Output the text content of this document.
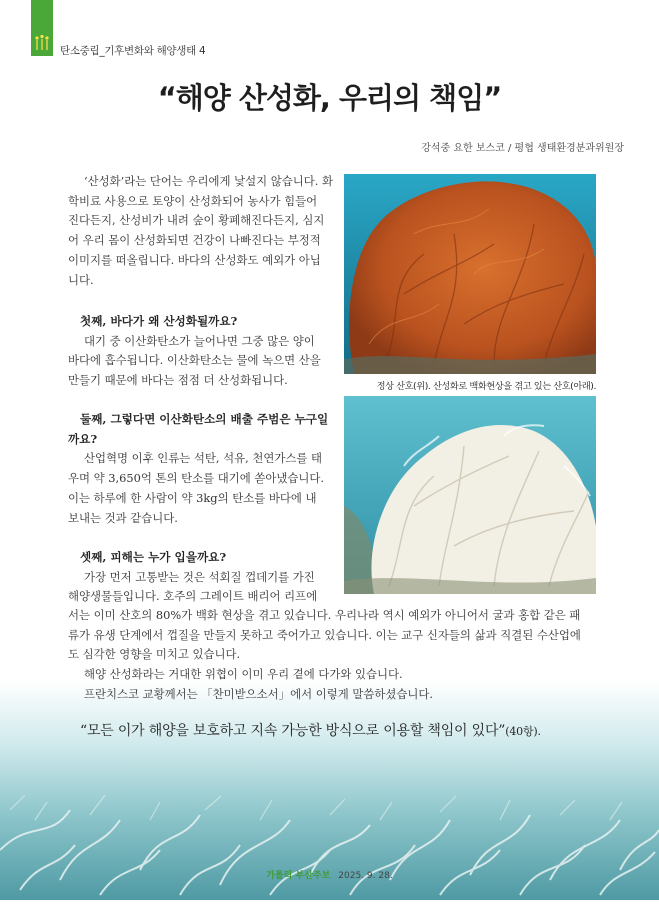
탄소중립_기후변화와 해양생태 4
“해양 산성화, 우리의 책임”
강석중 요한 보스코 / 평협 생태환경분과위원장

‘산성화’라는 단어는 우리에게 낯설지 않습니다. 화

학비료 사용으로 토양이 산성화되어 농사가 힘들어
진다든지, 산성비가 내려 숲이 황폐해진다든지, 심지
어 우리 몸이 산성화되면 건강이 나빠진다는 부정적
이미지를 떠올립니다. 바다의 산성화도 예외가 아닙
니다.

첫째, 바다가 왜 산성화될까요?

대기 중 이산화탄소가 늘어나면 그중 많은 양이

바다에 흡수됩니다. 이산화탄소는 물에 녹으면 산을
만들기 때문에 바다는 점점 더 산성화됩니다.

둘째, 그렇다면 이산화탄소의 배출 주범은 누구일

까요?

산업혁명 이후 인류는 석탄, 석유, 천연가스를 태

우며 약 3,650억 톤의 탄소를 대기에 쏟아냈습니다.
이는 하루에 한 사람이 약 3kg의 탄소를 바다에 내
보내는 것과 같습니다.

셋째, 피해는 누가 입을까요?

가장 먼저 고통받는 것은 석회질 껍데기를 가진

해양생물들입니다. 호주의 그레이트 배리어 리프에
정상 산호(위). 산성화로 백화현상을 겪고 있는 산호(아래).
서는 이미 산호의 80%가 백화 현상을 겪고 있습니다. 우리나라 역시 예외가 아니어서 굴과 홍합 같은 패
류가 유생 단계에서 껍질을 만들지 못하고 죽어가고 있습니다. 이는 교구 신자들의 삶과 직결된 수산업에
도 심각한 영향을 미치고 있습니다.

해양 산성화라는 거대한 위협이 이미 우리 곁에 다가와 있습니다.

프란치스코 교황께서는 「찬미받으소서」에서 이렇게 말씀하셨습니다.

“모든 이가 해양을 보호하고 지속 가능한 방식으로 이용할 책임이 있다”(40항).
가톨릭 부산주보 2025. 9. 28.
